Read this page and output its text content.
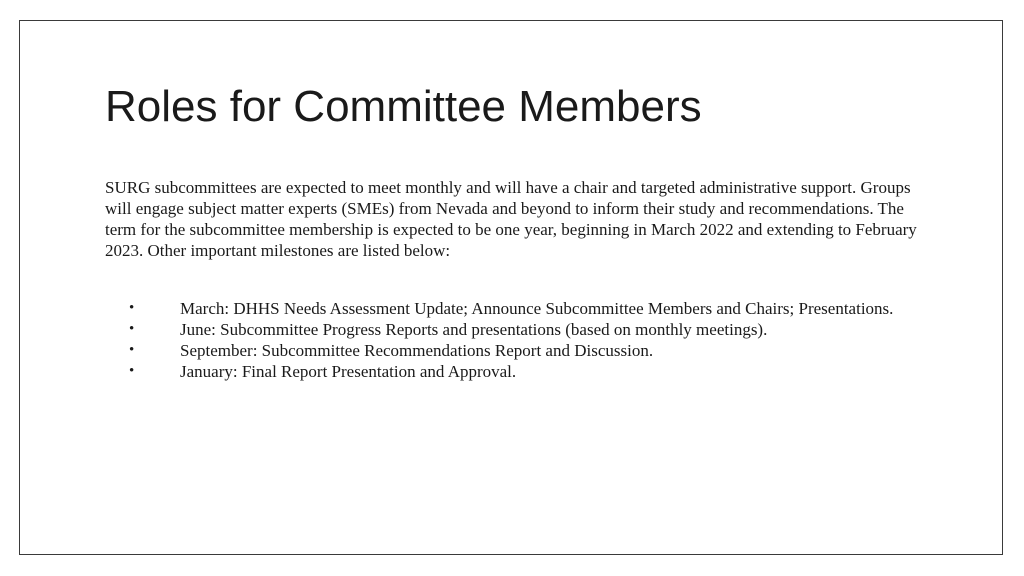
Roles for Committee Members

SURG subcommittees are expected to meet monthly and will have a chair and targeted administrative support. Groups will engage subject matter experts (SMEs) from Nevada and beyond to inform their study and recommendations. The term for the subcommittee membership is expected to be one year, beginning in March 2022 and extending to February 2023. Other important milestones are listed below:

•	March: DHHS Needs Assessment Update; Announce Subcommittee Members and Chairs; Presentations.
•	June: Subcommittee Progress Reports and presentations (based on monthly meetings).
•	September: Subcommittee Recommendations Report and Discussion.
•	January: Final Report Presentation and Approval.
